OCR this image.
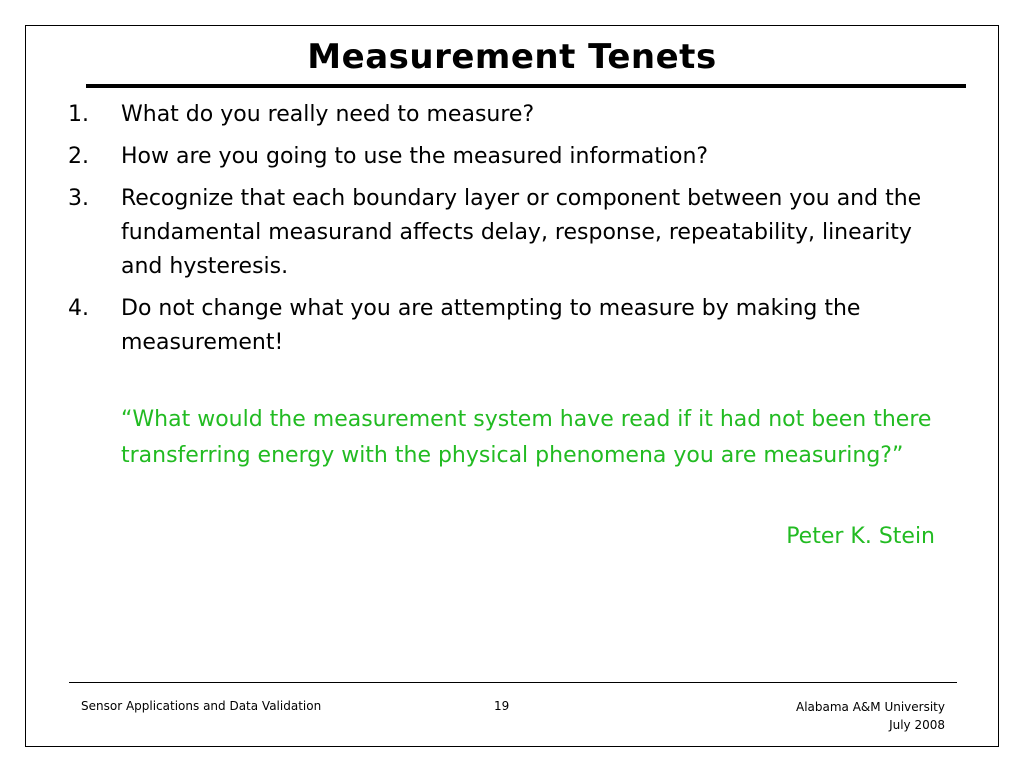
Measurement Tenets
1. What do you really need to measure?
2. How are you going to use the measured information?
3. Recognize that each boundary layer or component between you and the fundamental measurand affects delay, response, repeatability, linearity and hysteresis.
4. Do not change what you are attempting to measure by making the measurement!
“What would the measurement system have read if it had not been there transferring energy with the physical phenomena you are measuring?”
Peter K. Stein
Sensor Applications and Data Validation	19	Alabama A&M University
July 2008
